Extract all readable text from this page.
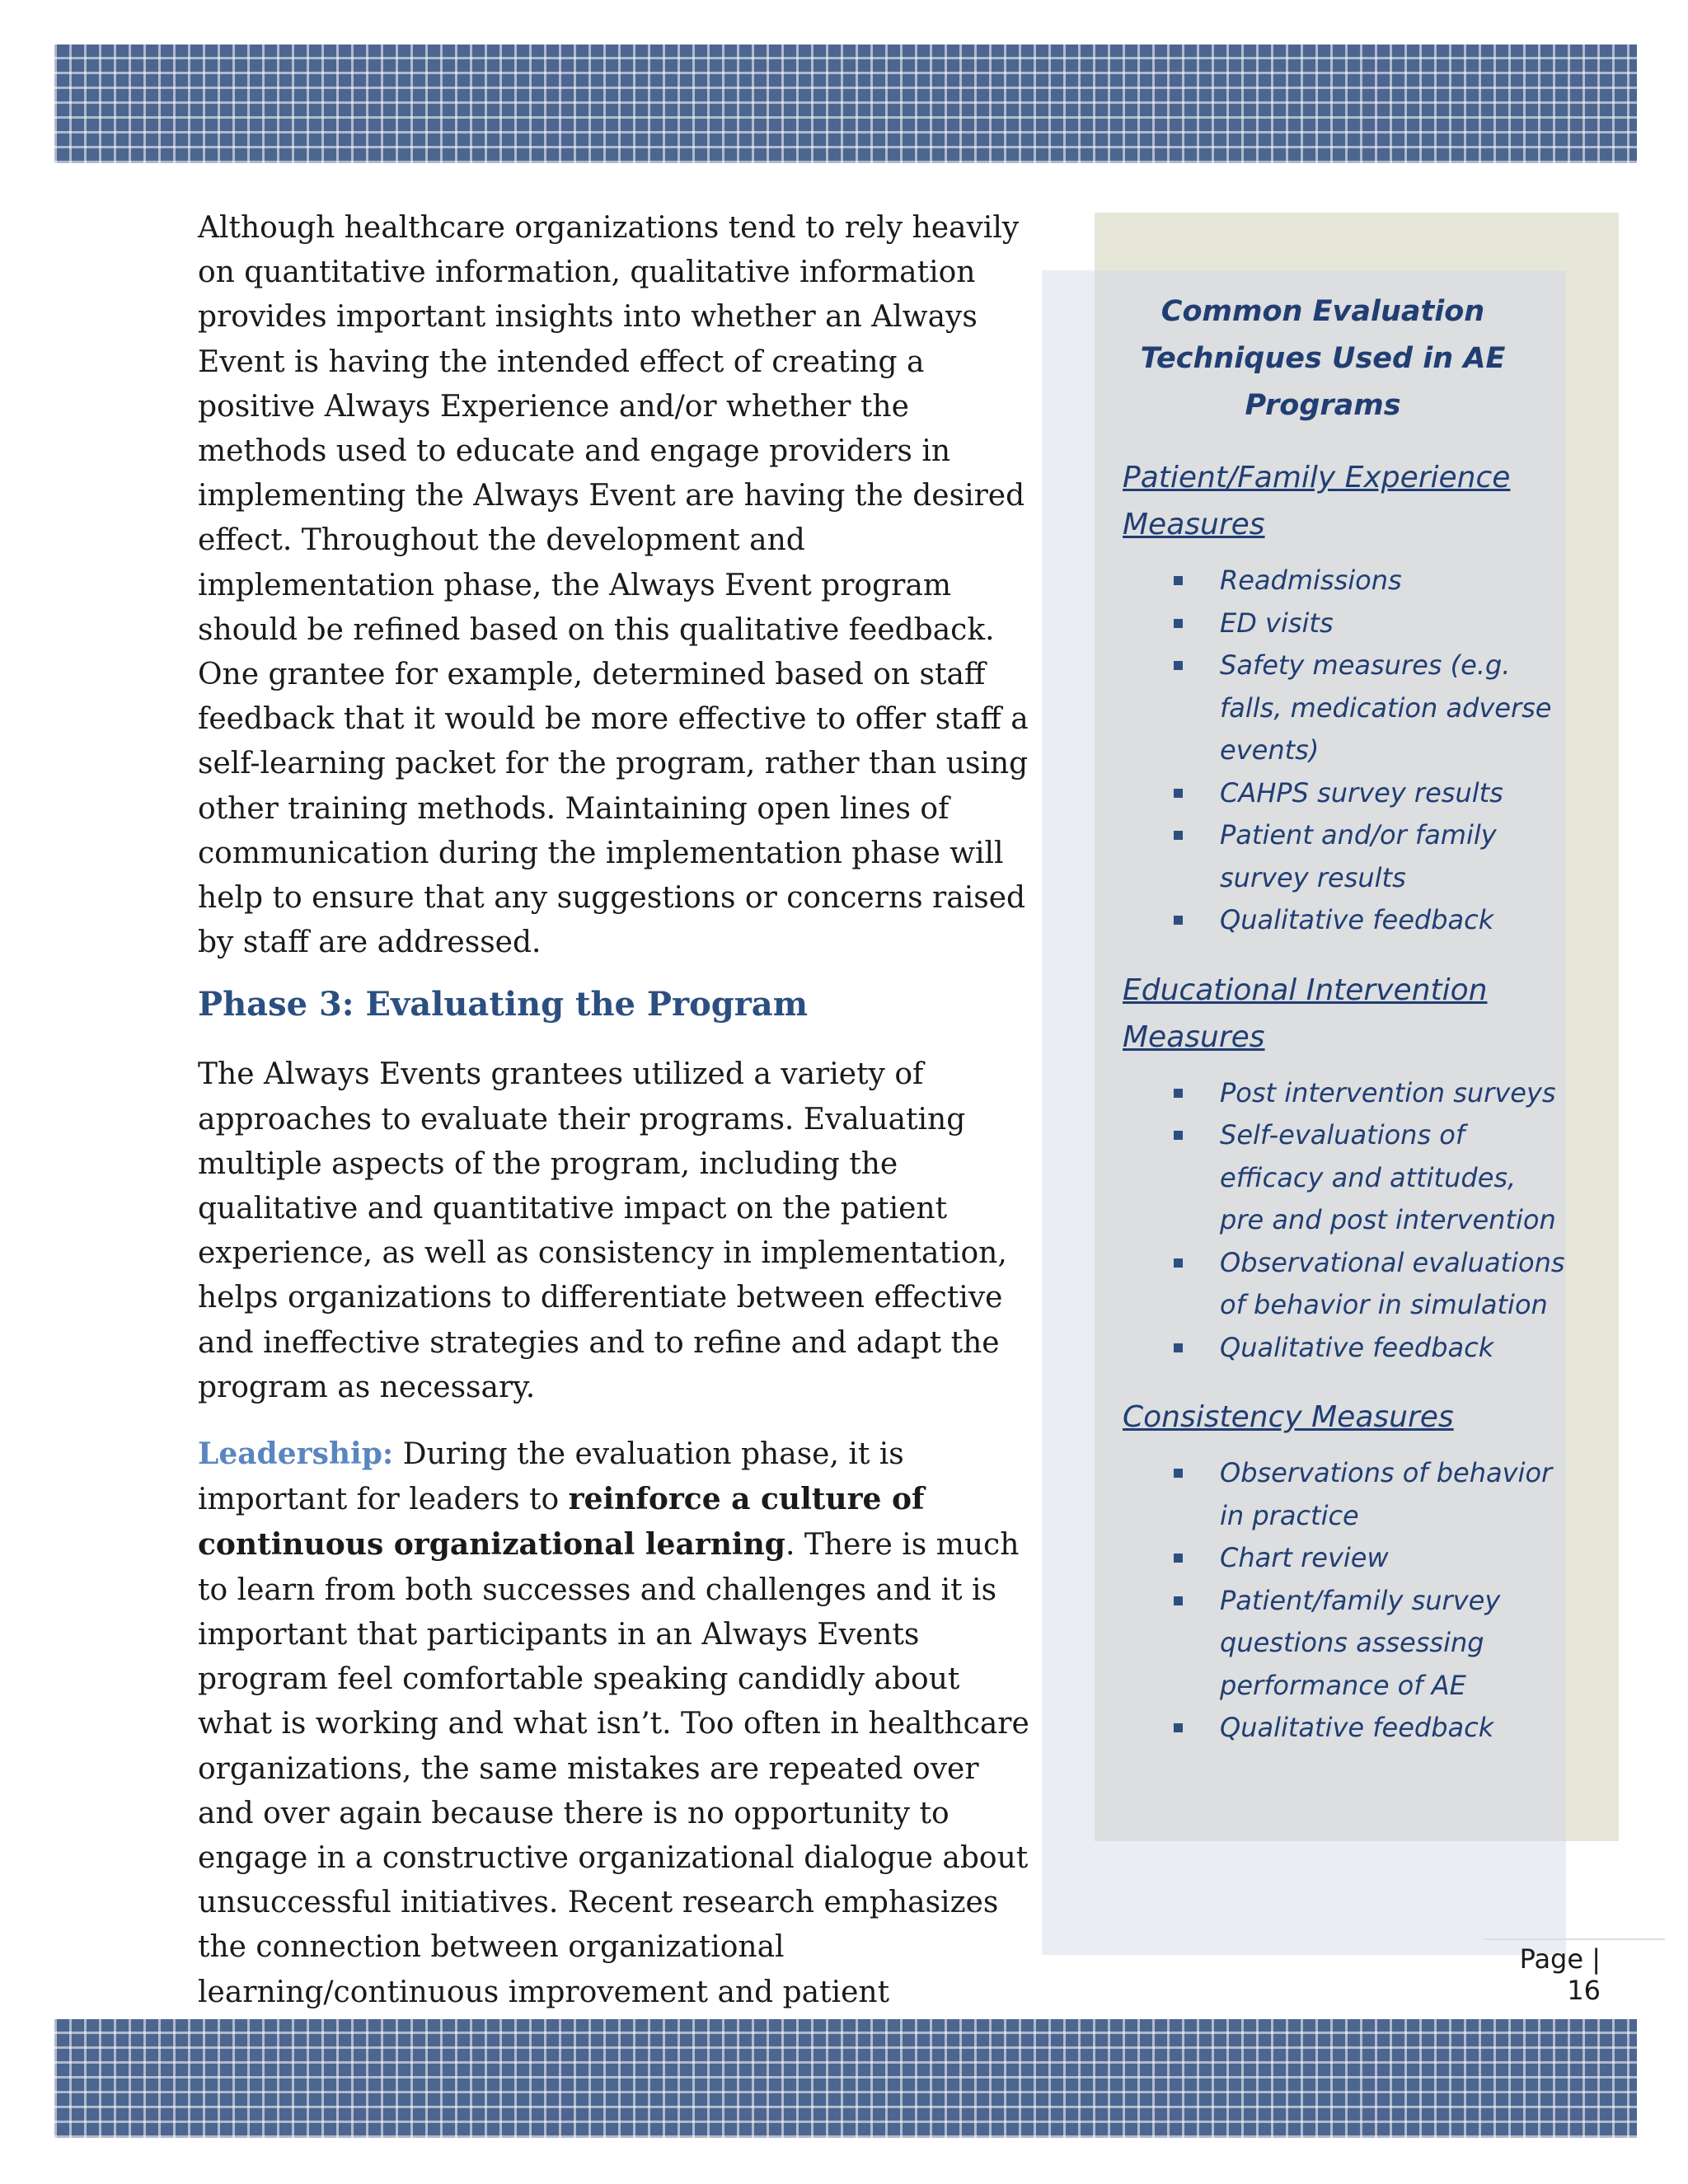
Although healthcare organizations tend to rely heavily on quantitative information, qualitative information provides important insights into whether an Always Event is having the intended effect of creating a positive Always Experience and/or whether the methods used to educate and engage providers in implementing the Always Event are having the desired effect. Throughout the development and implementation phase, the Always Event program should be refined based on this qualitative feedback. One grantee for example, determined based on staff feedback that it would be more effective to offer staff a self-learning packet for the program, rather than using other training methods. Maintaining open lines of communication during the implementation phase will help to ensure that any suggestions or concerns raised by staff are addressed.

Phase 3: Evaluating the Program

The Always Events grantees utilized a variety of approaches to evaluate their programs. Evaluating multiple aspects of the program, including the qualitative and quantitative impact on the patient experience, as well as consistency in implementation, helps organizations to differentiate between effective and ineffective strategies and to refine and adapt the program as necessary.

Leadership: During the evaluation phase, it is important for leaders to reinforce a culture of continuous organizational learning. There is much to learn from both successes and challenges and it is important that participants in an Always Events program feel comfortable speaking candidly about what is working and what isn’t. Too often in healthcare organizations, the same mistakes are repeated over and over again because there is no opportunity to engage in a constructive organizational dialogue about unsuccessful initiatives. Recent research emphasizes the connection between organizational learning/continuous improvement and patient

Common Evaluation Techniques Used in AE Programs
Patient/Family Experience Measures
Readmissions
ED visits
Safety measures (e.g. falls, medication adverse events)
CAHPS survey results
Patient and/or family survey results
Qualitative feedback
Educational Intervention Measures
Post intervention surveys
Self-evaluations of efficacy and attitudes, pre and post intervention
Observational evaluations of behavior in simulation
Qualitative feedback
Consistency Measures
Observations of behavior in practice
Chart review
Patient/family survey questions assessing performance of AE
Qualitative feedback
Page | 16
